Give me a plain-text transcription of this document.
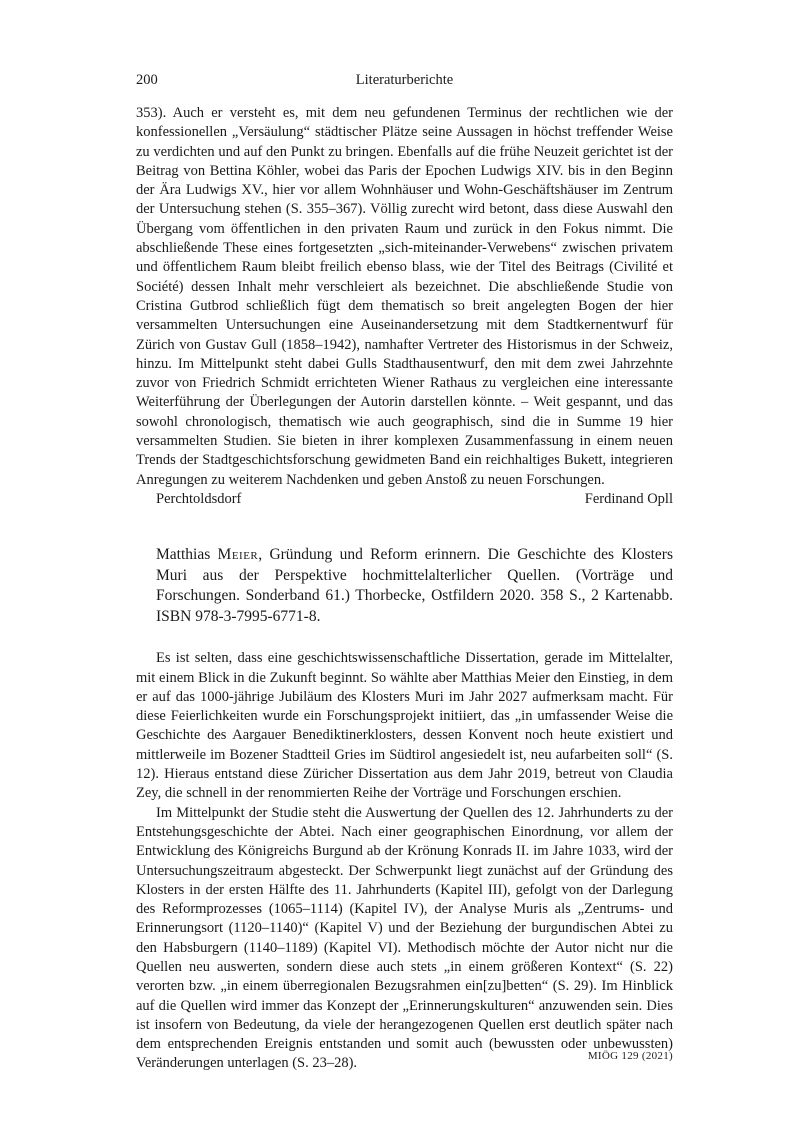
200	Literaturberichte

353). Auch er versteht es, mit dem neu gefundenen Terminus der rechtlichen wie der konfessionellen „Versäulung“ städtischer Plätze seine Aussagen in höchst treffender Weise zu verdichten und auf den Punkt zu bringen. Ebenfalls auf die frühe Neuzeit gerichtet ist der Beitrag von Bettina Köhler, wobei das Paris der Epochen Ludwigs XIV. bis in den Beginn der Ära Ludwigs XV., hier vor allem Wohnhäuser und Wohn-Geschäftshäuser im Zentrum der Untersuchung stehen (S. 355–367). Völlig zurecht wird betont, dass diese Auswahl den Übergang vom öffentlichen in den privaten Raum und zurück in den Fokus nimmt. Die abschließende These eines fortgesetzten „sich-miteinander-Verwebens“ zwischen privatem und öffentlichem Raum bleibt freilich ebenso blass, wie der Titel des Beitrags (Civilité et Société) dessen Inhalt mehr verschleiert als bezeichnet. Die abschließende Studie von Cristina Gutbrod schließlich fügt dem thematisch so breit angelegten Bogen der hier versammelten Untersuchungen eine Auseinandersetzung mit dem Stadtkernentwurf für Zürich von Gustav Gull (1858–1942), namhafter Vertreter des Historismus in der Schweiz, hinzu. Im Mittelpunkt steht dabei Gulls Stadthausentwurf, den mit dem zwei Jahrzehnte zuvor von Friedrich Schmidt errichteten Wiener Rathaus zu vergleichen eine interessante Weiterführung der Überlegungen der Autorin darstellen könnte. – Weit gespannt, und das sowohl chronologisch, thematisch wie auch geographisch, sind die in Summe 19 hier versammelten Studien. Sie bieten in ihrer komplexen Zusammenfassung in einem neuen Trends der Stadtgeschichtsforschung gewidmeten Band ein reichhaltiges Bukett, integrieren Anregungen zu weiterem Nachdenken und geben Anstoß zu neuen Forschungen.

Perchtoldsdorf	Ferdinand Opll
Matthias Meier, Gründung und Reform erinnern. Die Geschichte des Klosters Muri aus der Perspektive hochmittelalterlicher Quellen. (Vorträge und Forschungen. Sonderband 61.) Thorbecke, Ostfildern 2020. 358 S., 2 Kartenabb. ISBN 978-3-7995-6771-8.

Es ist selten, dass eine geschichtswissenschaftliche Dissertation, gerade im Mittelalter, mit einem Blick in die Zukunft beginnt. So wählte aber Matthias Meier den Einstieg, in dem er auf das 1000-jährige Jubiläum des Klosters Muri im Jahr 2027 aufmerksam macht. Für diese Feierlichkeiten wurde ein Forschungsprojekt initiiert, das „in umfassender Weise die Geschichte des Aargauer Benediktinerklosters, dessen Konvent noch heute existiert und mittlerweile im Bozener Stadtteil Gries im Südtirol angesiedelt ist, neu aufarbeiten soll“ (S. 12). Hieraus entstand diese Züricher Dissertation aus dem Jahr 2019, betreut von Claudia Zey, die schnell in der renommierten Reihe der Vorträge und Forschungen erschien.

Im Mittelpunkt der Studie steht die Auswertung der Quellen des 12. Jahrhunderts zu der Entstehungsgeschichte der Abtei. Nach einer geographischen Einordnung, vor allem der Entwicklung des Königreichs Burgund ab der Krönung Konrads II. im Jahre 1033, wird der Untersuchungszeitraum abgesteckt. Der Schwerpunkt liegt zunächst auf der Gründung des Klosters in der ersten Hälfte des 11. Jahrhunderts (Kapitel III), gefolgt von der Darlegung des Reformprozesses (1065–1114) (Kapitel IV), der Analyse Muris als „Zentrums- und Erinnerungsort (1120–1140)“ (Kapitel V) und der Beziehung der burgundischen Abtei zu den Habsburgern (1140–1189) (Kapitel VI). Methodisch möchte der Autor nicht nur die Quellen neu auswerten, sondern diese auch stets „in einem größeren Kontext“ (S. 22) verorten bzw. „in einem überregionalen Bezugsrahmen ein[zu]betten“ (S. 29). Im Hinblick auf die Quellen wird immer das Konzept der „Erinnerungskulturen“ anzuwenden sein. Dies ist insofern von Bedeutung, da viele der herangezogenen Quellen erst deutlich später nach dem entsprechenden Ereignis entstanden und somit auch (bewussten oder unbewussten) Veränderungen unterlagen (S. 23–28).	MIÖG 129 (2021)
